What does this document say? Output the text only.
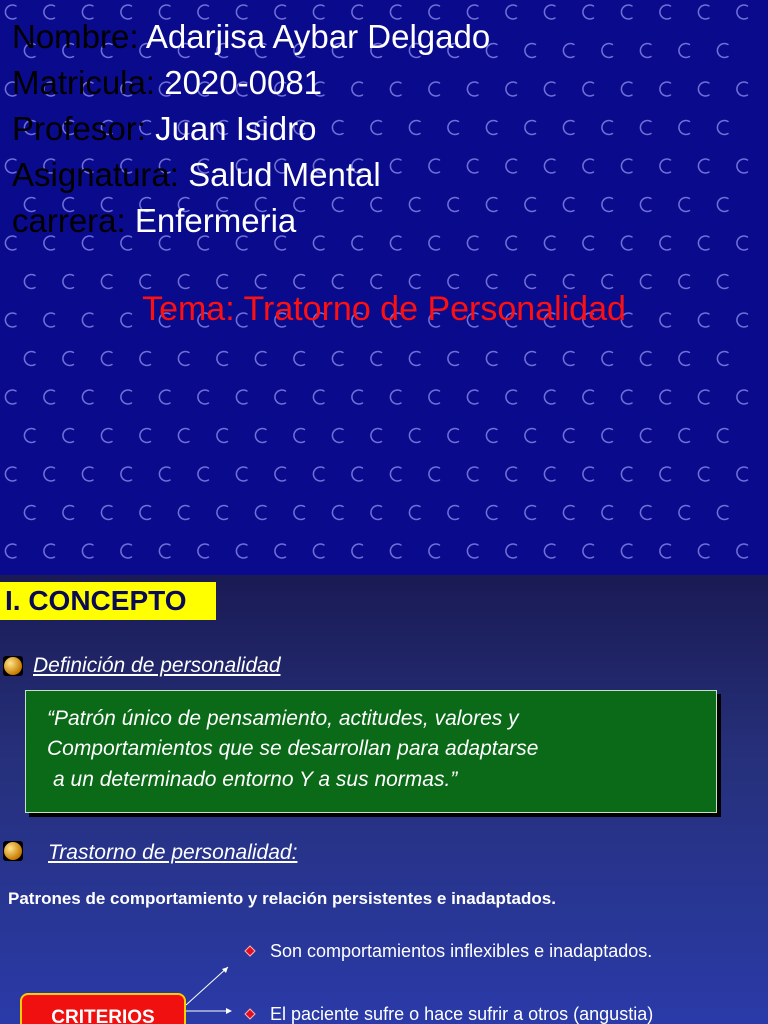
Nombre: Adarjisa Aybar Delgado

Matricula: 2020-0081

Profesor: Juan Isidro

Asignatura: Salud Mental

carrera: Enfermeria

Tema: Tratorno de Personalidad
I. CONCEPTO

Definición de personalidad

“Patrón único de pensamiento, actitudes, valores y

Comportamientos que se desarrollan para adaptarse

a un determinado entorno Y a sus normas.”

Trastorno de personalidad:

Patrones de comportamiento y relación persistentes e inadaptados.

Son comportamientos inflexibles e inadaptados.

El paciente sufre o hace sufrir a otros (angustia)

CRITERIOS
